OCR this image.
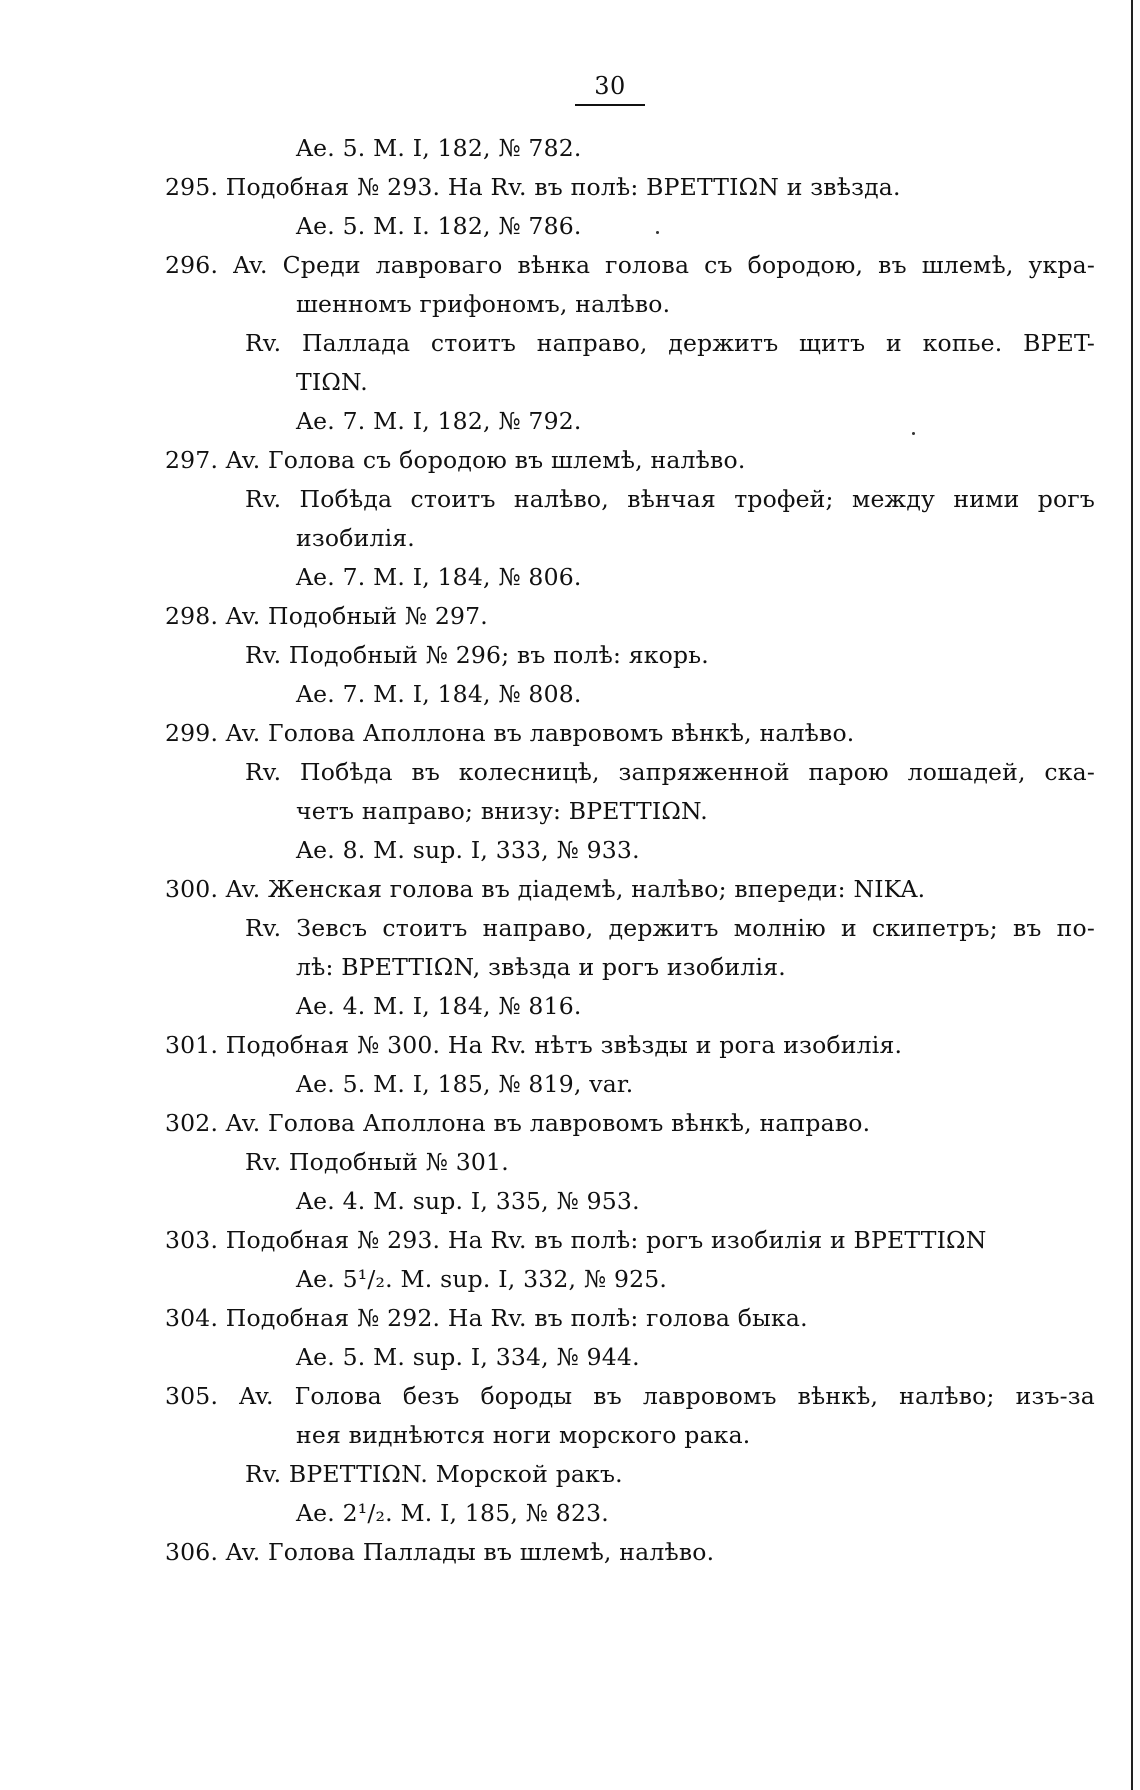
30
Ae. 5. M. I, 182, № 782.
295. Подобная № 293. На Rv. въ полѣ: BPETTIΩN и звѣзда.
Ae. 5. M. I. 182, № 786.
296. Av. Среди лавроваго вѣнка голова съ бородою, въ шлемѣ, укра-
шенномъ грифономъ, налѣво.
Rv. Паллада стоитъ направо, держитъ щитъ и копье. BPET-
TIΩN.
Ae. 7. M. I, 182, № 792.
297. Av. Голова съ бородою въ шлемѣ, налѣво.
Rv. Побѣда стоитъ налѣво, вѣнчая трофей; между ними рогъ
изобилія.
Ae. 7. M. I, 184, № 806.
298. Av. Подобный № 297.
Rv. Подобный № 296; въ полѣ: якорь.
Ae. 7. M. I, 184, № 808.
299. Av. Голова Аполлона въ лавровомъ вѣнкѣ, налѣво.
Rv. Побѣда въ колесницѣ, запряженной парою лошадей, ска-
четъ направо; внизу: BPETTIΩN.
Ae. 8. M. sup. I, 333, № 933.
300. Av. Женская голова въ діадемѣ, налѣво; впереди: NIKA.
Rv. Зевсъ стоитъ направо, держитъ молнію и скипетръ; въ по-
лѣ: BPETTIΩN, звѣзда и рогъ изобилія.
Ae. 4. M. I, 184, № 816.
301. Подобная № 300. На Rv. нѣтъ звѣзды и рога изобилія.
Ae. 5. M. I, 185, № 819, var.
302. Av. Голова Аполлона въ лавровомъ вѣнкѣ, направо.
Rv. Подобный № 301.
Ae. 4. M. sup. I, 335, № 953.
303. Подобная № 293. На Rv. въ полѣ: рогъ изобилія и BPETTIΩN
Ae. 5¹/₂. M. sup. I, 332, № 925.
304. Подобная № 292. На Rv. въ полѣ: голова быка.
Ae. 5. M. sup. I, 334, № 944.
305. Av. Голова безъ бороды въ лавровомъ вѣнкѣ, налѣво; изъ-за
нея виднѣются ноги морского рака.
Rv. BPETTIΩN. Морской ракъ.
Ae. 2¹/₂. M. I, 185, № 823.
306. Av. Голова Паллады въ шлемѣ, налѣво.
